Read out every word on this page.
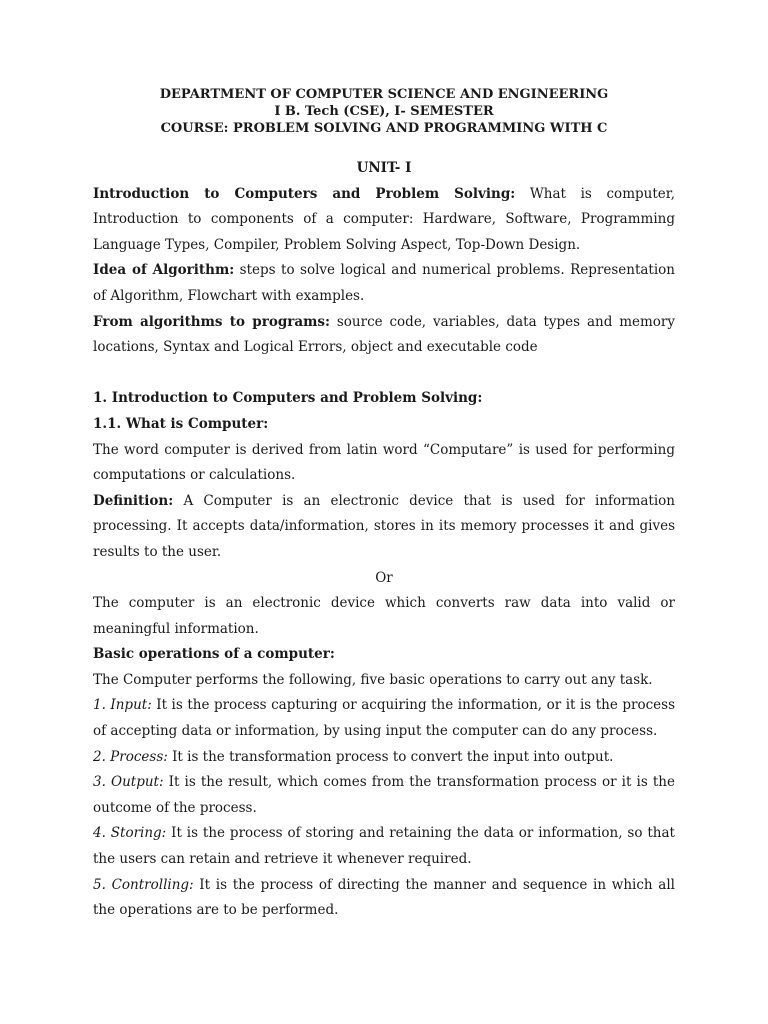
DEPARTMENT OF COMPUTER SCIENCE AND ENGINEERING

I B. Tech (CSE), I- SEMESTER

COURSE: PROBLEM SOLVING AND PROGRAMMING WITH C

UNIT- I

Introduction to Computers and Problem Solving: What is computer, Introduction to components of a computer: Hardware, Software, Programming Language Types, Compiler, Problem Solving Aspect, Top-Down Design.

Idea of Algorithm: steps to solve logical and numerical problems. Representation of Algorithm, Flowchart with examples.

From algorithms to programs: source code, variables, data types and memory locations, Syntax and Logical Errors, object and executable code

1. Introduction to Computers and Problem Solving:

1.1. What is Computer:

The word computer is derived from latin word “Computare” is used for performing computations or calculations.

Definition: A Computer is an electronic device that is used for information processing. It accepts data/information, stores in its memory processes it and gives results to the user.

Or

The computer is an electronic device which converts raw data into valid or meaningful information.

Basic operations of a computer:

The Computer performs the following, five basic operations to carry out any task.

1. Input: It is the process capturing or acquiring the information, or it is the process of accepting data or information, by using input the computer can do any process.

2. Process: It is the transformation process to convert the input into output.

3. Output: It is the result, which comes from the transformation process or it is the outcome of the process.

4. Storing: It is the process of storing and retaining the data or information, so that the users can retain and retrieve it whenever required.

5. Controlling: It is the process of directing the manner and sequence in which all the operations are to be performed.
